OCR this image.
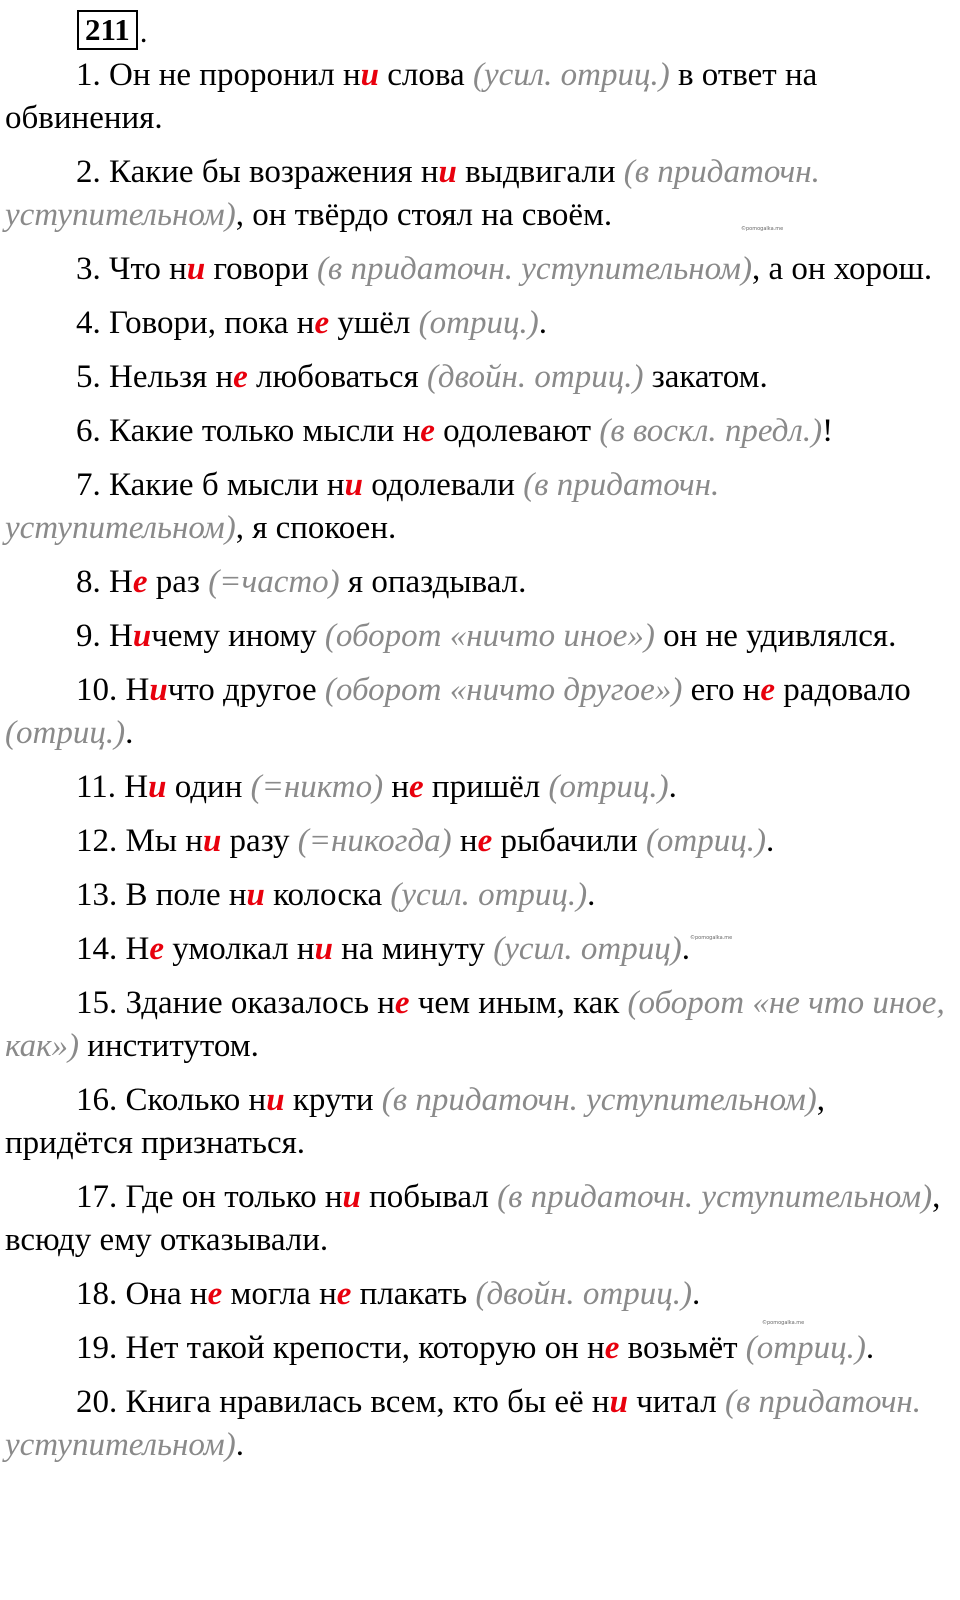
211 .

1. Он не проронил ни слова (усил. отриц.) в ответ на обвинения.

2. Какие бы возражения ни выдвигали (в придаточн. уступительном), он твёрдо стоял на своём.

3. Что ни говори (в придаточн. уступительном), а он хорош.

4. Говори, пока не ушёл (отриц.).

5. Нельзя не любоваться (двойн. отриц.) закатом.

6. Какие только мысли не одолевают (в воскл. предл.)!

7. Какие б мысли ни одолевали (в придаточн. уступительном), я спокоен.

8. Не раз (=часто) я опаздывал.

9. Ничему иному (оборот «ничто иное») он не удивлялся.

10. Ничто другое (оборот «ничто другое») его не радовало (отриц.).

11. Ни один (=никто) не пришёл (отриц.).

12. Мы ни разу (=никогда) не рыбачили (отриц.).

13. В поле ни колоска (усил. отриц.).

14. Не умолкал ни на минуту (усил. отриц).

15. Здание оказалось не чем иным, как (оборот «не что иное, как») институтом.

16. Сколько ни крути (в придаточн. уступительном), придётся признаться.

17. Где он только ни побывал (в придаточн. уступительном), всюду ему отказывали.

18. Она не могла не плакать (двойн. отриц.).

19. Нет такой крепости, которую он не возьмёт (отриц.).

20. Книга нравилась всем, кто бы её ни читал (в придаточн. уступительном).

©pomogalka.me
©pomogalka.me
©pomogalka.me
